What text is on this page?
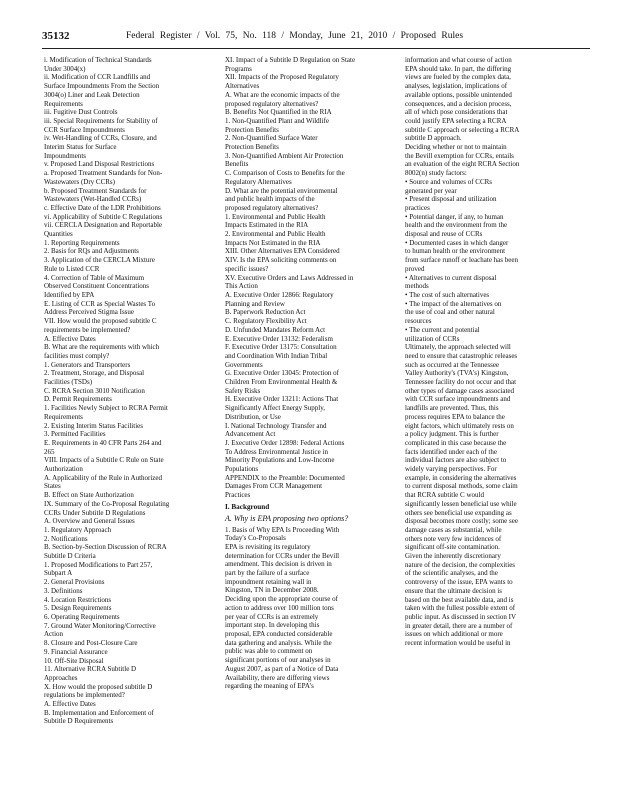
35132	Federal Register / Vol. 75, No. 118 / Monday, June 21, 2010 / Proposed Rules
i. Modification of Technical Standards
Under 3004(x)
ii. Modification of CCR Landfills and
Surface Impoundments From the Section
3004(o) Liner and Leak Detection
Requirements
iii. Fugitive Dust Controls
iii. Special Requirements for Stability of
CCR Surface Impoundments
iv. Wet-Handling of CCRs, Closure, and
Interim Status for Surface
Impoundments
v. Proposed Land Disposal Restrictions
a. Proposed Treatment Standards for Non-
Wastewaters (Dry CCRs)
b. Proposed Treatment Standards for
Wastewaters (Wet-Handled CCRs)
c. Effective Date of the LDR Prohibitions
vi. Applicability of Subtitle C Regulations
vii. CERCLA Designation and Reportable
Quantities
1. Reporting Requirements
2. Basis for RQs and Adjustments
3. Application of the CERCLA Mixture
Rule to Listed CCR
4. Correction of Table of Maximum
Observed Constituent Concentrations
Identified by EPA
E. Listing of CCR as Special Wastes To
Address Perceived Stigma Issue
VII. How would the proposed subtitle C
requirements be implemented?
A. Effective Dates
B. What are the requirements with which
facilities must comply?
1. Generators and Transporters
2. Treatment, Storage, and Disposal
Facilities (TSDs)
C. RCRA Section 3010 Notification
D. Permit Requirements
1. Facilities Newly Subject to RCRA Permit
Requirements
2. Existing Interim Status Facilities
3. Permitted Facilities
E. Requirements in 40 CFR Parts 264 and
265
VIII. Impacts of a Subtitle C Rule on State
Authorization
A. Applicability of the Rule in Authorized
States
B. Effect on State Authorization
IX. Summary of the Co-Proposal Regulating
CCRs Under Subtitle D Regulations
A. Overview and General Issues
1. Regulatory Approach
2. Notifications
B. Section-by-Section Discussion of RCRA
Subtitle D Criteria
1. Proposed Modifications to Part 257,
Subpart A
2. General Provisions
3. Definitions
4. Location Restrictions
5. Design Requirements
6. Operating Requirements
7. Ground Water Monitoring/Corrective
Action
8. Closure and Post-Closure Care
9. Financial Assurance
10. Off-Site Disposal
11. Alternative RCRA Subtitle D
Approaches
X. How would the proposed subtitle D
regulations be implemented?
A. Effective Dates
B. Implementation and Enforcement of
Subtitle D Requirements
XI. Impact of a Subtitle D Regulation on State
Programs
XII. Impacts of the Proposed Regulatory
Alternatives
A. What are the economic impacts of the
proposed regulatory alternatives?
B. Benefits Not Quantified in the RIA
1. Non-Quantified Plant and Wildlife
Protection Benefits
2. Non-Quantified Surface Water
Protection Benefits
3. Non-Quantified Ambient Air Protection
Benefits
C. Comparison of Costs to Benefits for the
Regulatory Alternatives
D. What are the potential environmental
and public health impacts of the
proposed regulatory alternatives?
1. Environmental and Public Health
Impacts Estimated in the RIA
2. Environmental and Public Health
Impacts Not Estimated in the RIA
XIII. Other Alternatives EPA Considered
XIV. Is the EPA soliciting comments on
specific issues?
XV. Executive Orders and Laws Addressed in
This Action
A. Executive Order 12866: Regulatory
Planning and Review
B. Paperwork Reduction Act
C. Regulatory Flexibility Act
D. Unfunded Mandates Reform Act
E. Executive Order 13132: Federalism
F. Executive Order 13175: Consultation
and Coordination With Indian Tribal
Governments
G. Executive Order 13045: Protection of
Children From Environmental Health &
Safety Risks
H. Executive Order 13211: Actions That
Significantly Affect Energy Supply,
Distribution, or Use
I. National Technology Transfer and
Advancement Act
J. Executive Order 12898: Federal Actions
To Address Environmental Justice in
Minority Populations and Low-Income
Populations
APPENDIX to the Preamble: Documented
Damages From CCR Management
Practices
I. Background
A. Why is EPA proposing two options?
1. Basis of Why EPA Is Proceeding With
Today's Co-Proposals
EPA is revisiting its regulatory
determination for CCRs under the Bevill
amendment. This decision is driven in
part by the failure of a surface
impoundment retaining wall in
Kingston, TN in December 2008.
Deciding upon the appropriate course of
action to address over 100 million tons
per year of CCRs is an extremely
important step. In developing this
proposal, EPA conducted considerable
data gathering and analysis. While the
public was able to comment on
significant portions of our analyses in
August 2007, as part of a Notice of Data
Availability, there are differing views
regarding the meaning of EPA's
information and what course of action
EPA should take. In part, the differing
views are fueled by the complex data,
analyses, legislation, implications of
available options, possible unintended
consequences, and a decision process,
all of which pose considerations that
could justify EPA selecting a RCRA
subtitle C approach or selecting a RCRA
subtitle D approach.
Deciding whether or not to maintain
the Bevill exemption for CCRs, entails
an evaluation of the eight RCRA Section
8002(n) study factors:
• Source and volumes of CCRs
generated per year
• Present disposal and utilization
practices
• Potential danger, if any, to human
health and the environment from the
disposal and reuse of CCRs
• Documented cases in which danger
to human health or the environment
from surface runoff or leachate has been
proved
• Alternatives to current disposal
methods
• The cost of such alternatives
• The impact of the alternatives on
the use of coal and other natural
resources
• The current and potential
utilization of CCRs
Ultimately, the approach selected will
need to ensure that catastrophic releases
such as occurred at the Tennessee
Valley Authority's (TVA's) Kingston,
Tennessee facility do not occur and that
other types of damage cases associated
with CCR surface impoundments and
landfills are prevented. Thus, this
process requires EPA to balance the
eight factors, which ultimately rests on
a policy judgment. This is further
complicated in this case because the
facts identified under each of the
individual factors are also subject to
widely varying perspectives. For
example, in considering the alternatives
to current disposal methods, some claim
that RCRA subtitle C would
significantly lessen beneficial use while
others see beneficial use expanding as
disposal becomes more costly; some see
damage cases as substantial, while
others note very few incidences of
significant off-site contamination.
Given the inherently discretionary
nature of the decision, the complexities
of the scientific analyses, and the
controversy of the issue, EPA wants to
ensure that the ultimate decision is
based on the best available data, and is
taken with the fullest possible extent of
public input. As discussed in section IV
in greater detail, there are a number of
issues on which additional or more
recent information would be useful in
